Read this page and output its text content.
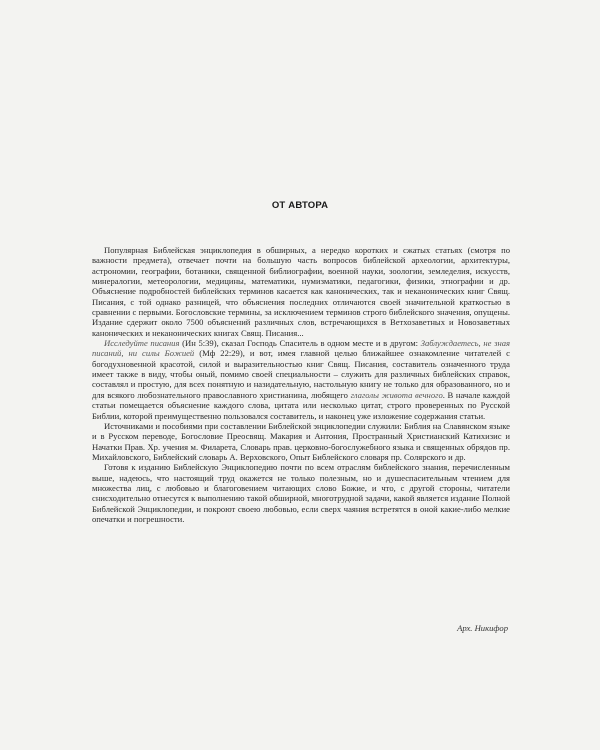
ОТ АВТОРА

Популярная Библейская энциклопедия в обширных, а нередко коротких и сжатых статьях (смотря по важности предмета), отвечает почти на большую часть вопросов библейской археологии, архитектуры, астрономии, географии, ботаники, священной библиографии, военной науки, зоологии, земледелия, искусств, минералогии, метеорологии, медицины, математики, нумизматики, педагогики, физики, этнографии и др. Объяснение подробностей библейских терминов касается как канонических, так и неканонических книг Свящ. Писания, с той однако разницей, что объяснения последних отличаются своей значительной краткостью в сравнении с первыми. Богословские термины, за исключением терминов строго библейского значения, опущены. Издание сдержит около 7500 объяснений различных слов, встречающихся в Ветхозаветных и Новозаветных канонических и неканонических книгах Свящ. Писания...

Исследуйте писания (Ин 5:39), сказал Господь Спаситель в одном месте и в другом: Заблуждаетесь, не зная писаний, ни силы Божией (Мф 22:29), и вот, имея главной целью ближайшее ознакомление читателей с богодухновенной красотой, силой и выразительностью книг Свящ. Писания, составитель означенного труда имеет также в виду, чтобы оный, помимо своей специальности – служить для различных библейских справок, составлял и простую, для всех понятную и назидательную, настольную книгу не только для образованного, но и для всякого любознательного православного христианина, любящего глаголы живота вечного. В начале каждой статьи помещается объяснение каждого слова, цитата или несколько цитат, строго проверенных по Русской Библии, которой преимущественно пользовался составитель, и наконец уже изложение содержания статьи.

Источниками и пособиями при составлении Библейской энциклопедии служили: Библия на Славянском языке и в Русском переводе, Богословие Преосвящ. Макария и Антония, Пространный Христианский Катихизис и Начатки Прав. Хр. учения м. Филарета, Словарь прав. церковно-богослужебного языка и священных обрядов пр. Михайловского, Библейский словарь А. Верховского, Опыт Библейского словаря пр. Солярского и др.

Готовя к изданию Библейскую Энциклопедию почти по всем отраслям библейского знания, перечисленным выше, надеюсь, что настоящий труд окажется не только полезным, но и душеспасительным чтением для множества лиц, с любовью и благоговением читающих слово Божие, и что, с другой стороны, читатели снисходительно отнесутся к выполнению такой обширной, многотрудной задачи, какой является издание Полной Библейской Энциклопедии, и покроют своею любовью, если сверх чаяния встретятся в оной какие-либо мелкие опечатки и погрешности.

Арх. Никифор
